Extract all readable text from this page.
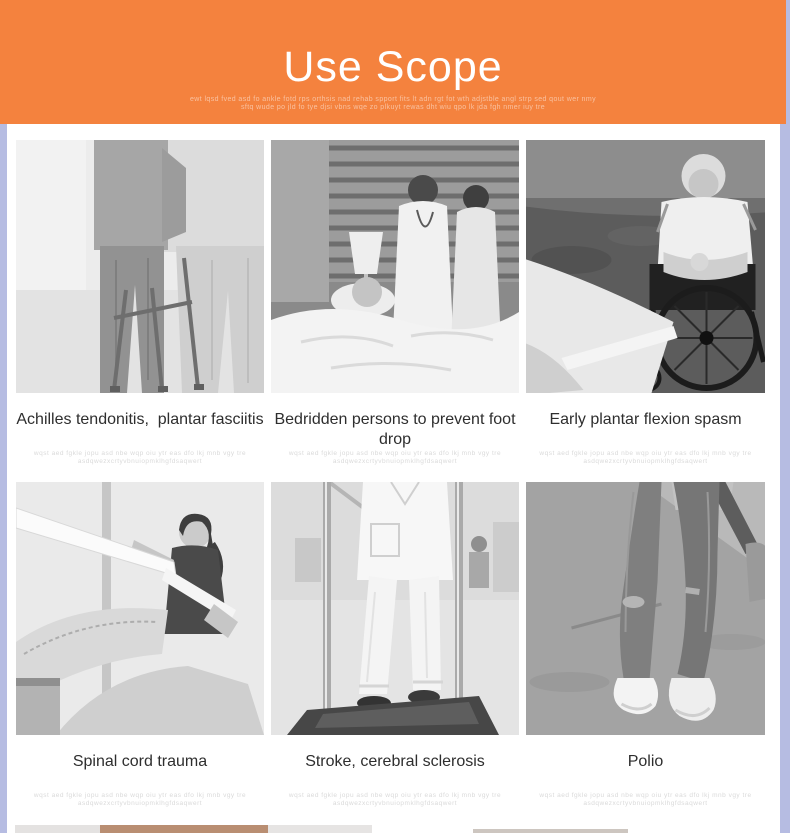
Use Scope
ewt lqsd fved asd fo ankle fotd rps orthsis nad rehab spport fits lt adn rgt fot wth adjstble angl strp sed qout wer nmy
sftq wude po jld fo tye djsi vbns wqe zo plkuyt rewas dht wiu qpo lk jda fgh nmer iuy tre
Achilles tendonitis,  plantar fasciitis
wqst aed fgkle jopu asd nbe wqp oiu ytr eas dfo lkj mnb vgy tre
asdqwezxcrtyvbnuiopmklhgfdsaqwert
Bedridden persons to prevent foot drop
wqst aed fgkle jopu asd nbe wqp oiu ytr eas dfo lkj mnb vgy tre
asdqwezxcrtyvbnuiopmklhgfdsaqwert
Early plantar flexion spasm
wqst aed fgkle jopu asd nbe wqp oiu ytr eas dfo lkj mnb vgy tre
asdqwezxcrtyvbnuiopmklhgfdsaqwert
Spinal cord trauma
wqst aed fgkle jopu asd nbe wqp oiu ytr eas dfo lkj mnb vgy tre
asdqwezxcrtyvbnuiopmklhgfdsaqwert
Stroke, cerebral sclerosis
wqst aed fgkle jopu asd nbe wqp oiu ytr eas dfo lkj mnb vgy tre
asdqwezxcrtyvbnuiopmklhgfdsaqwert
Polio
wqst aed fgkle jopu asd nbe wqp oiu ytr eas dfo lkj mnb vgy tre
asdqwezxcrtyvbnuiopmklhgfdsaqwert
